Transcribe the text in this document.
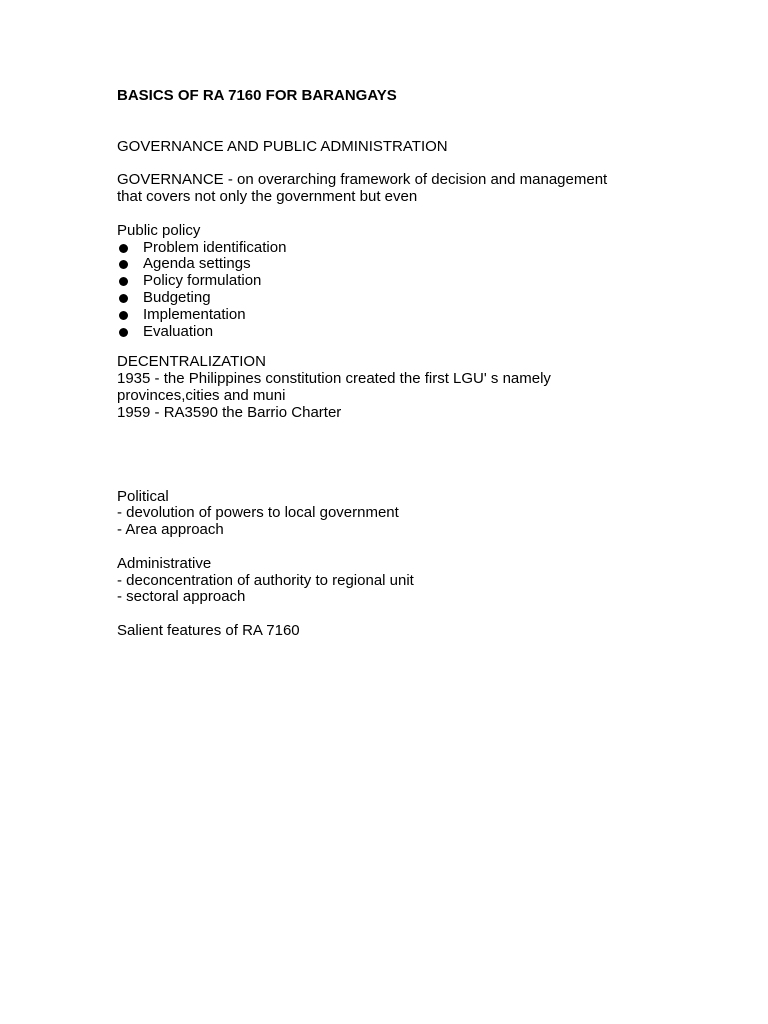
BASICS OF RA 7160 FOR BARANGAYS
GOVERNANCE AND PUBLIC ADMINISTRATION
GOVERNANCE - on overarching framework of decision and management
that covers not only the government but even
Public policy
Problem identification
Agenda settings
Policy formulation
Budgeting
Implementation
Evaluation
DECENTRALIZATION
1935 - the Philippines constitution created the first LGU' s namely
provinces,cities and muni
1959 - RA3590 the Barrio Charter
Political
- devolution of powers to local government
- Area approach
Administrative
- deconcentration of authority to regional unit
- sectoral approach
Salient features of RA 7160
